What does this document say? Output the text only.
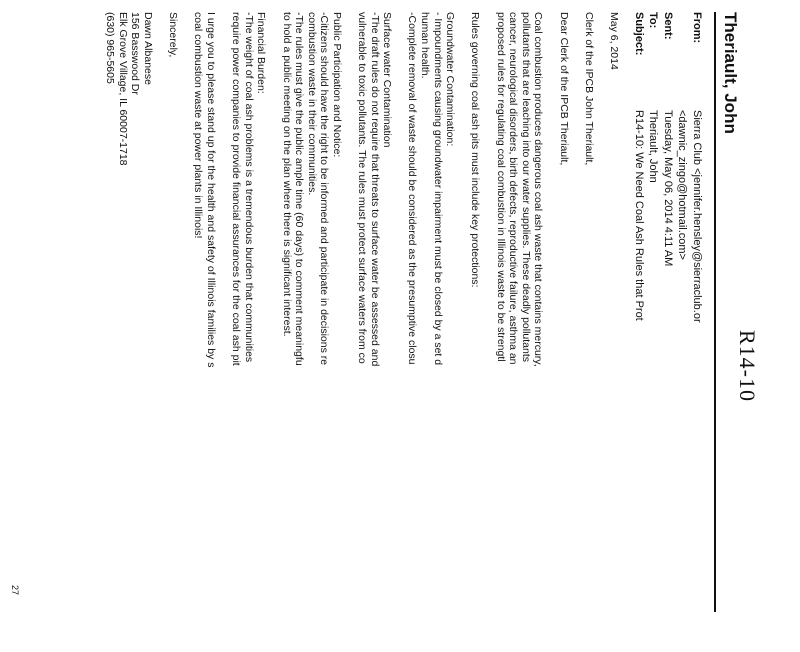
R14-10
Theriault, John
From:
Sierra Club <jennifer.hensley@sierraclub.or
<dawnic_zingo@hotmail.com>
Sent:
Tuesday, May 06, 2014 4:11 AM
To:
Theriault, John
Subject:
R14-10: We Need Coal Ash Rules that Prot

May 6, 2014

Clerk of the IPCB John Theriault,

Dear Clerk of the IPCB Theriault,

Coal combustion produces dangerous coal ash waste that contains mercury,

pollutants that are leaching into our water supplies. These deadly pollutants

cancer, neurological disorders, birth defects, reproductive failure, asthma an

proposed rules for regulating coal combustion in Illinois waste to be strengtl

Rules governing coal ash pits must include key protections:

Groundwater Contamination:

- Impoundments causing groundwater impairment must be closed by a set d

human health.

-Complete removal of waste should be considered as the presumptive closu

Surface water Contamination

-The draft rules do not require that threats to surface water be assessed and

vulnerable to toxic pollutants. The rules must protect surface waters from co

Public Participation and Notice:

-Citizens should have the right to be informed and participate in decisions re

combustion waste in their communities.

-The rules must give the public ample time (60 days) to comment meaningfu

to hold a public meeting on the plan where there is significant interest.

Financial Burden:

-The weight of coal ash problems is a tremendous burden that communities

require power companies to provide financial assurances for the coal ash pit

I urge you to please stand up for the health and safety of Illinois families by s

coal combustion waste at power plants in Illinois!

Sincerely,

Dawn Albanese

156 Basswood Dr

Elk Grove Village, IL 60007-1718

(630) 965-5605

27
